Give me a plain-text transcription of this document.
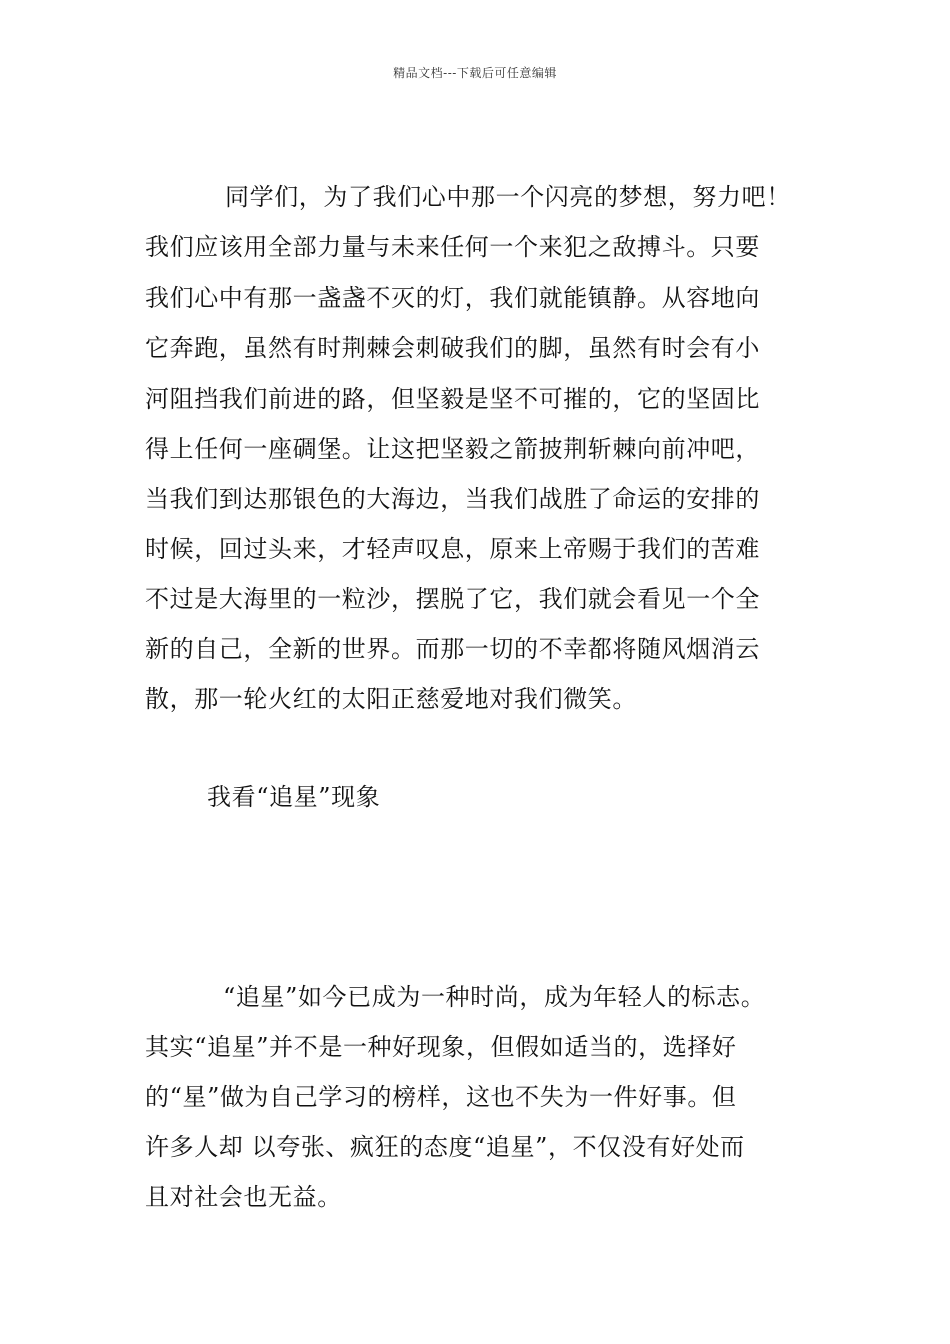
精品文档---下载后可任意编辑
同学们，为了我们心中那一个闪亮的梦想，努力吧！
我们应该用全部力量与未来任何一个来犯之敌搏斗。只要
我们心中有那一盏盏不灭的灯，我们就能镇静。从容地向
它奔跑，虽然有时荆棘会刺破我们的脚，虽然有时会有小
河阻挡我们前进的路，但坚毅是坚不可摧的，它的坚固比
得上任何一座碉堡。让这把坚毅之箭披荆斩棘向前冲吧，
当我们到达那银色的大海边，当我们战胜了命运的安排的
时候，回过头来，才轻声叹息，原来上帝赐于我们的苦难
不过是大海里的一粒沙，摆脱了它，我们就会看见一个全
新的自己，全新的世界。而那一切的不幸都将随风烟消云
散，那一轮火红的太阳正慈爱地对我们微笑。
我看“追星”现象
“追星”如今已成为一种时尚，成为年轻人的标志。
其实“追星”并不是一种好现象，但假如适当的，选择好
的“星”做为自己学习的榜样，这也不失为一件好事。但
许多人却 以夸张、疯狂的态度“追星”，不仅没有好处而
且对社会也无益。
